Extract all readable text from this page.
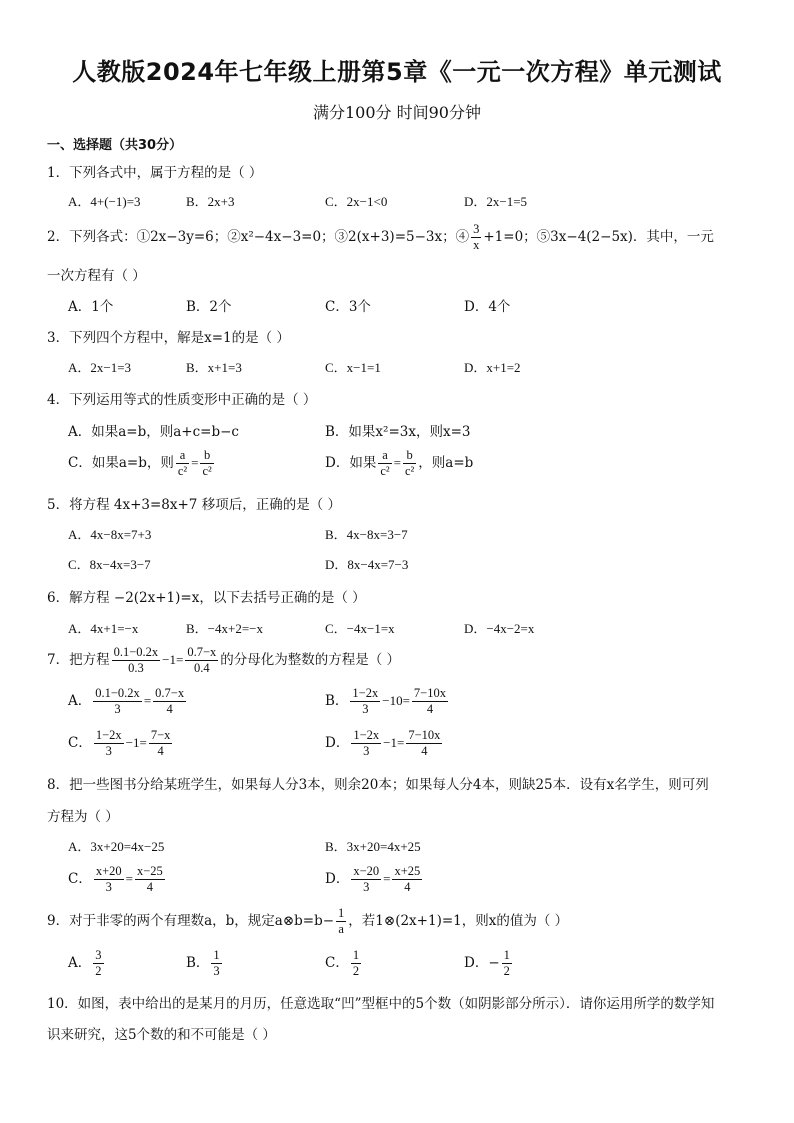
人教版2024年七年级上册第5章《一元一次方程》单元测试
满分100分 时间90分钟
一、选择题（共30分）
1．下列各式中，属于方程的是（ ）
A．4+(−1)=3	B．2x+3	C．2x−1<0	D．2x−1=5
2．下列各式：①2x−3y=6；②x²−4x−3=0；③2(x+3)=5−3x；④ $\frac{3}{x} +1=0$；⑤3x−4(2−5x)．其中，一元
一次方程有（ ）
A．1个	B．2个	C．3个	D．4个
3．下列四个方程中，解是x=1的是（ ）
A．2x−1=3	B．x+1=3	C．x−1=1	D．x+1=2
4．下列运用等式的性质变形中正确的是（ ）
A．如果a=b，则a+c=b−c	B．如果x²=3x，则x=3
C．如果a=b，则 $\frac{a}{\text{c²}} = \frac{b}{\text{c²}}$	D．如果 $\frac{a}{\text{c²}} = \frac{b}{\text{c²}}$ ，则a=b
5．将方程 4x+3=8x+7 移项后，正确的是（ ）
A．4x−8x=7+3	B．4x−8x=3−7
C．8x−4x=3−7	D．8x−4x=7−3
6．解方程 −2(2x+1)=x，以下去括号正确的是（ ）
A．4x+1=−x	B．−4x+2=−x	C．−4x−1=x	D．−4x−2=x
7．把方程 $\frac{0.1-0.2x}{0.3} -1= \frac{0.7-x}{0.4}$ 的分母化为整数的方程是（ ）
A． $\frac{0.1-0.2x}{3} = \frac{0.7-x}{4}$	B． $\frac{1-2x}{3} -10= \frac{7-10x}{4}$
C． $\frac{1-2x}{3} -1= \frac{7-x}{4}$	D． $\frac{1-2x}{3} -1= \frac{7-10x}{4}$
8．把一些图书分给某班学生，如果每人分3本，则余20本；如果每人分4本，则缺25本．设有x名学生，则可列
方程为（ ）
A．3x+20=4x−25	B．3x+20=4x+25
C． $\frac{x+20}{3} = \frac{x-25}{4}$	D． $\frac{x-20}{3} = \frac{x+25}{4}$
9．对于非零的两个有理数a，b，规定a⊗b=b− $\frac{1}{a}$ ，若1⊗(2x+1)=1，则x的值为（ ）
A． $\frac{3}{2}$	B． $\frac{1}{3}$	C． $\frac{1}{2}$	D．− $\frac{1}{2}$
10．如图，表中给出的是某月的月历，任意选取“凹”型框中的5个数（如阴影部分所示）．请你运用所学的数学知
识来研究，这5个数的和不可能是（ ）
